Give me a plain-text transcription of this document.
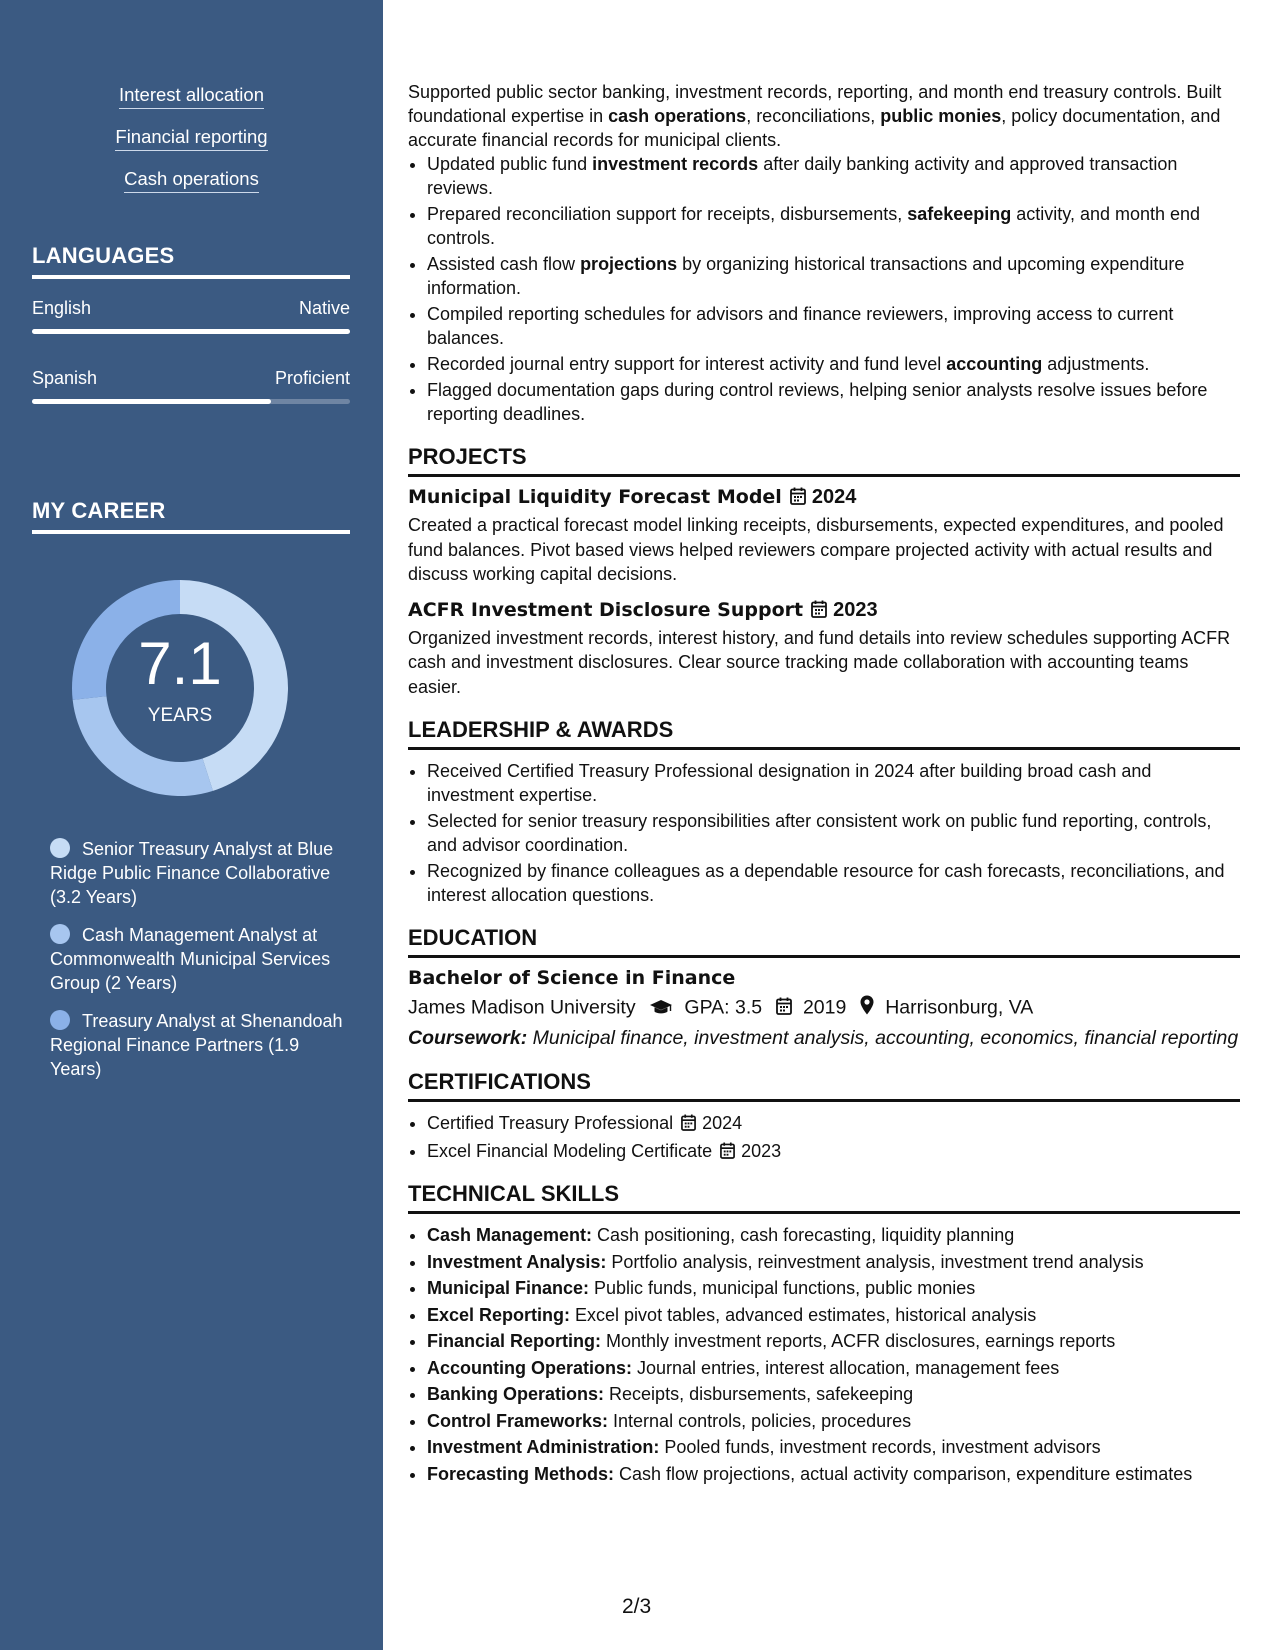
Interest allocation
Financial reporting
Cash operations
LANGUAGES
English	Native
Spanish	Proficient
MY CAREER
7.1
YEARS
Senior Treasury Analyst at Blue Ridge Public Finance Collaborative (3.2 Years)
Cash Management Analyst at Commonwealth Municipal Services Group (2 Years)
Treasury Analyst at Shenandoah Regional Finance Partners (1.9 Years)

Supported public sector banking, investment records, reporting, and month end treasury controls. Built foundational expertise in cash operations, reconciliations, public monies, policy documentation, and accurate financial records for municipal clients.

• Updated public fund investment records after daily banking activity and approved transaction reviews.
• Prepared reconciliation support for receipts, disbursements, safekeeping activity, and month end controls.
• Assisted cash flow projections by organizing historical transactions and upcoming expenditure information.
• Compiled reporting schedules for advisors and finance reviewers, improving access to current balances.
• Recorded journal entry support for interest activity and fund level accounting adjustments.
• Flagged documentation gaps during control reviews, helping senior analysts resolve issues before reporting deadlines.
PROJECTS
Municipal Liquidity Forecast Model 2024

Created a practical forecast model linking receipts, disbursements, expected expenditures, and pooled fund balances. Pivot based views helped reviewers compare projected activity with actual results and discuss working capital decisions.

ACFR Investment Disclosure Support 2023

Organized investment records, interest history, and fund details into review schedules supporting ACFR cash and investment disclosures. Clear source tracking made collaboration with accounting teams easier.

LEADERSHIP & AWARDS
• Received Certified Treasury Professional designation in 2024 after building broad cash and investment expertise.
• Selected for senior treasury responsibilities after consistent work on public fund reporting, controls, and advisor coordination.
• Recognized by finance colleagues as a dependable resource for cash forecasts, reconciliations, and interest allocation questions.
EDUCATION
Bachelor of Science in Finance
James Madison University	GPA: 3.5 2019 Harrisonburg, VA
Coursework: Municipal finance, investment analysis, accounting, economics, financial reporting
CERTIFICATIONS
• Certified Treasury Professional 2024
• Excel Financial Modeling Certificate 2023
TECHNICAL SKILLS
• Cash Management: Cash positioning, cash forecasting, liquidity planning
• Investment Analysis: Portfolio analysis, reinvestment analysis, investment trend analysis
• Municipal Finance: Public funds, municipal functions, public monies
• Excel Reporting: Excel pivot tables, advanced estimates, historical analysis
• Financial Reporting: Monthly investment reports, ACFR disclosures, earnings reports
• Accounting Operations: Journal entries, interest allocation, management fees
• Banking Operations: Receipts, disbursements, safekeeping
• Control Frameworks: Internal controls, policies, procedures
• Investment Administration: Pooled funds, investment records, investment advisors
• Forecasting Methods: Cash flow projections, actual activity comparison, expenditure estimates
2/3
